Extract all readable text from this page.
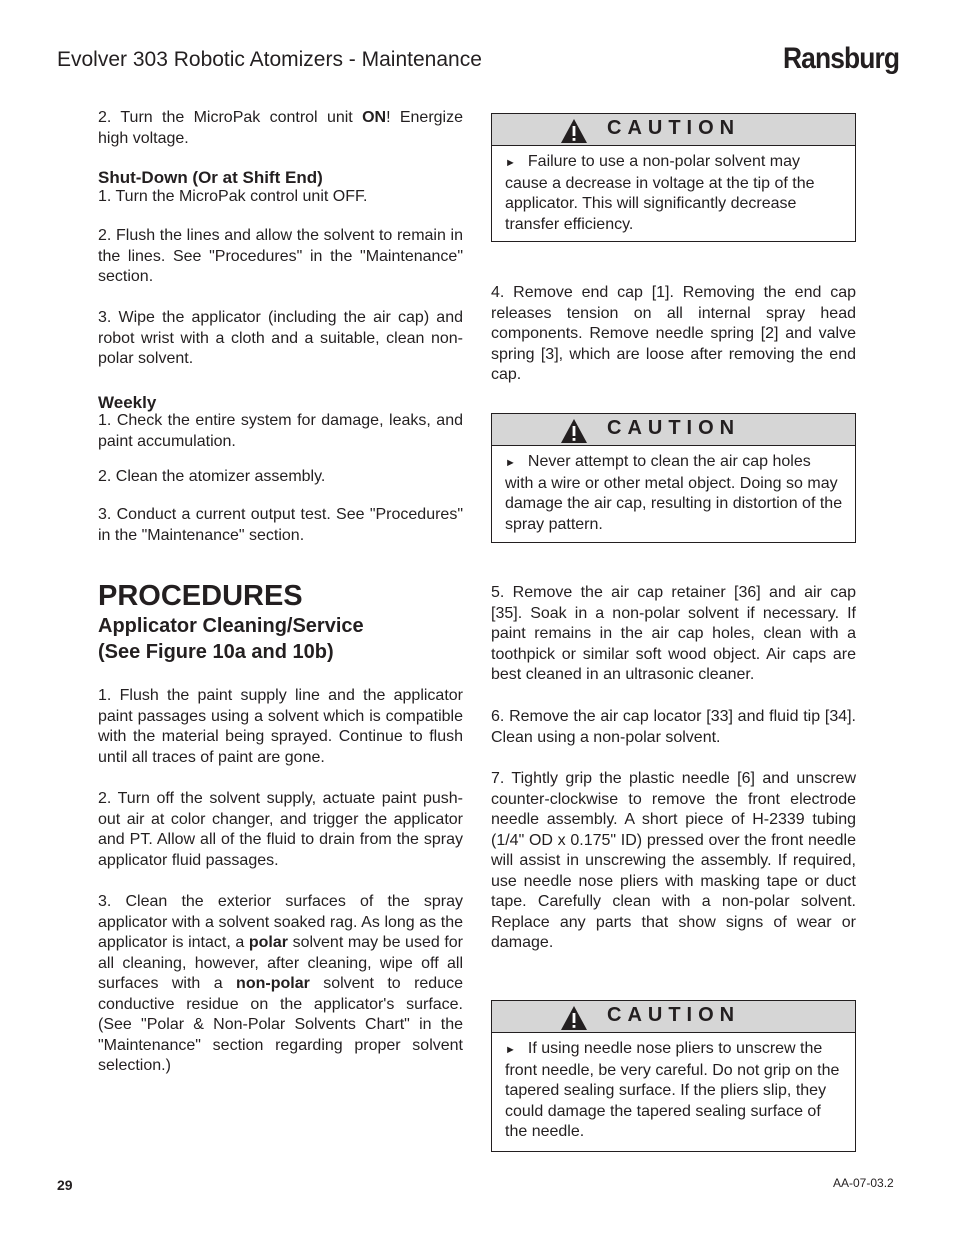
Evolver 303 Robotic Atomizers - Maintenance	Ransburg

2. Turn the MicroPak control unit ON! Energize high voltage.

Shut-Down (Or at Shift End)

1. Turn the MicroPak control unit OFF.

2. Flush the lines and allow the solvent to remain in the lines. See "Procedures" in the "Maintenance" section.

3. Wipe the applicator (including the air cap) and robot wrist with a cloth and a suitable, clean non-polar solvent.

Weekly

1. Check the entire system for damage, leaks, and paint accumulation.

2. Clean the atomizer assembly.

3. Conduct a current output test. See "Procedures" in the "Maintenance" section.

PROCEDURES
Applicator Cleaning/Service
(See Figure 10a and 10b)

1. Flush the paint supply line and the applicator paint passages using a solvent which is compatible with the material being sprayed. Continue to flush until all traces of paint are gone.

2. Turn off the solvent supply, actuate paint push-out air at color changer, and trigger the applicator and PT. Allow all of the fluid to drain from the spray applicator fluid passages.

3. Clean the exterior surfaces of the spray applicator with a solvent soaked rag. As long as the applicator is intact, a polar solvent may be used for all cleaning, however, after cleaning, wipe off all surfaces with a non-polar solvent to reduce conductive residue on the applicator's surface. (See "Polar & Non-Polar Solvents Chart" in the "Maintenance" section regarding proper solvent selection.)

CAUTION
► Failure to use a non-polar solvent may cause a decrease in voltage at the tip of the applicator. This will significantly decrease transfer efficiency.

4. Remove end cap [1]. Removing the end cap releases tension on all internal spray head components. Remove needle spring [2] and valve spring [3], which are loose after removing the end cap.

CAUTION
► Never attempt to clean the air cap holes with a wire or other metal object. Doing so may damage the air cap, resulting in distortion of the spray pattern.

5. Remove the air cap retainer [36] and air cap [35]. Soak in a non-polar solvent if necessary. If paint remains in the air cap holes, clean with a toothpick or similar soft wood object. Air caps are best cleaned in an ultrasonic cleaner.

6. Remove the air cap locator [33] and fluid tip [34]. Clean using a non-polar solvent.

7. Tightly grip the plastic needle [6] and unscrew counter-clockwise to remove the front electrode needle assembly. A short piece of H-2339 tubing (1/4" OD x 0.175" ID) pressed over the front needle will assist in unscrewing the assembly. If required, use needle nose pliers with masking tape or duct tape. Carefully clean with a non-polar solvent. Replace any parts that show signs of wear or damage.

CAUTION
► If using needle nose pliers to unscrew the front needle, be very careful. Do not grip on the tapered sealing surface. If the pliers slip, they could damage the tapered sealing surface of the needle.
29	AA-07-03.2
